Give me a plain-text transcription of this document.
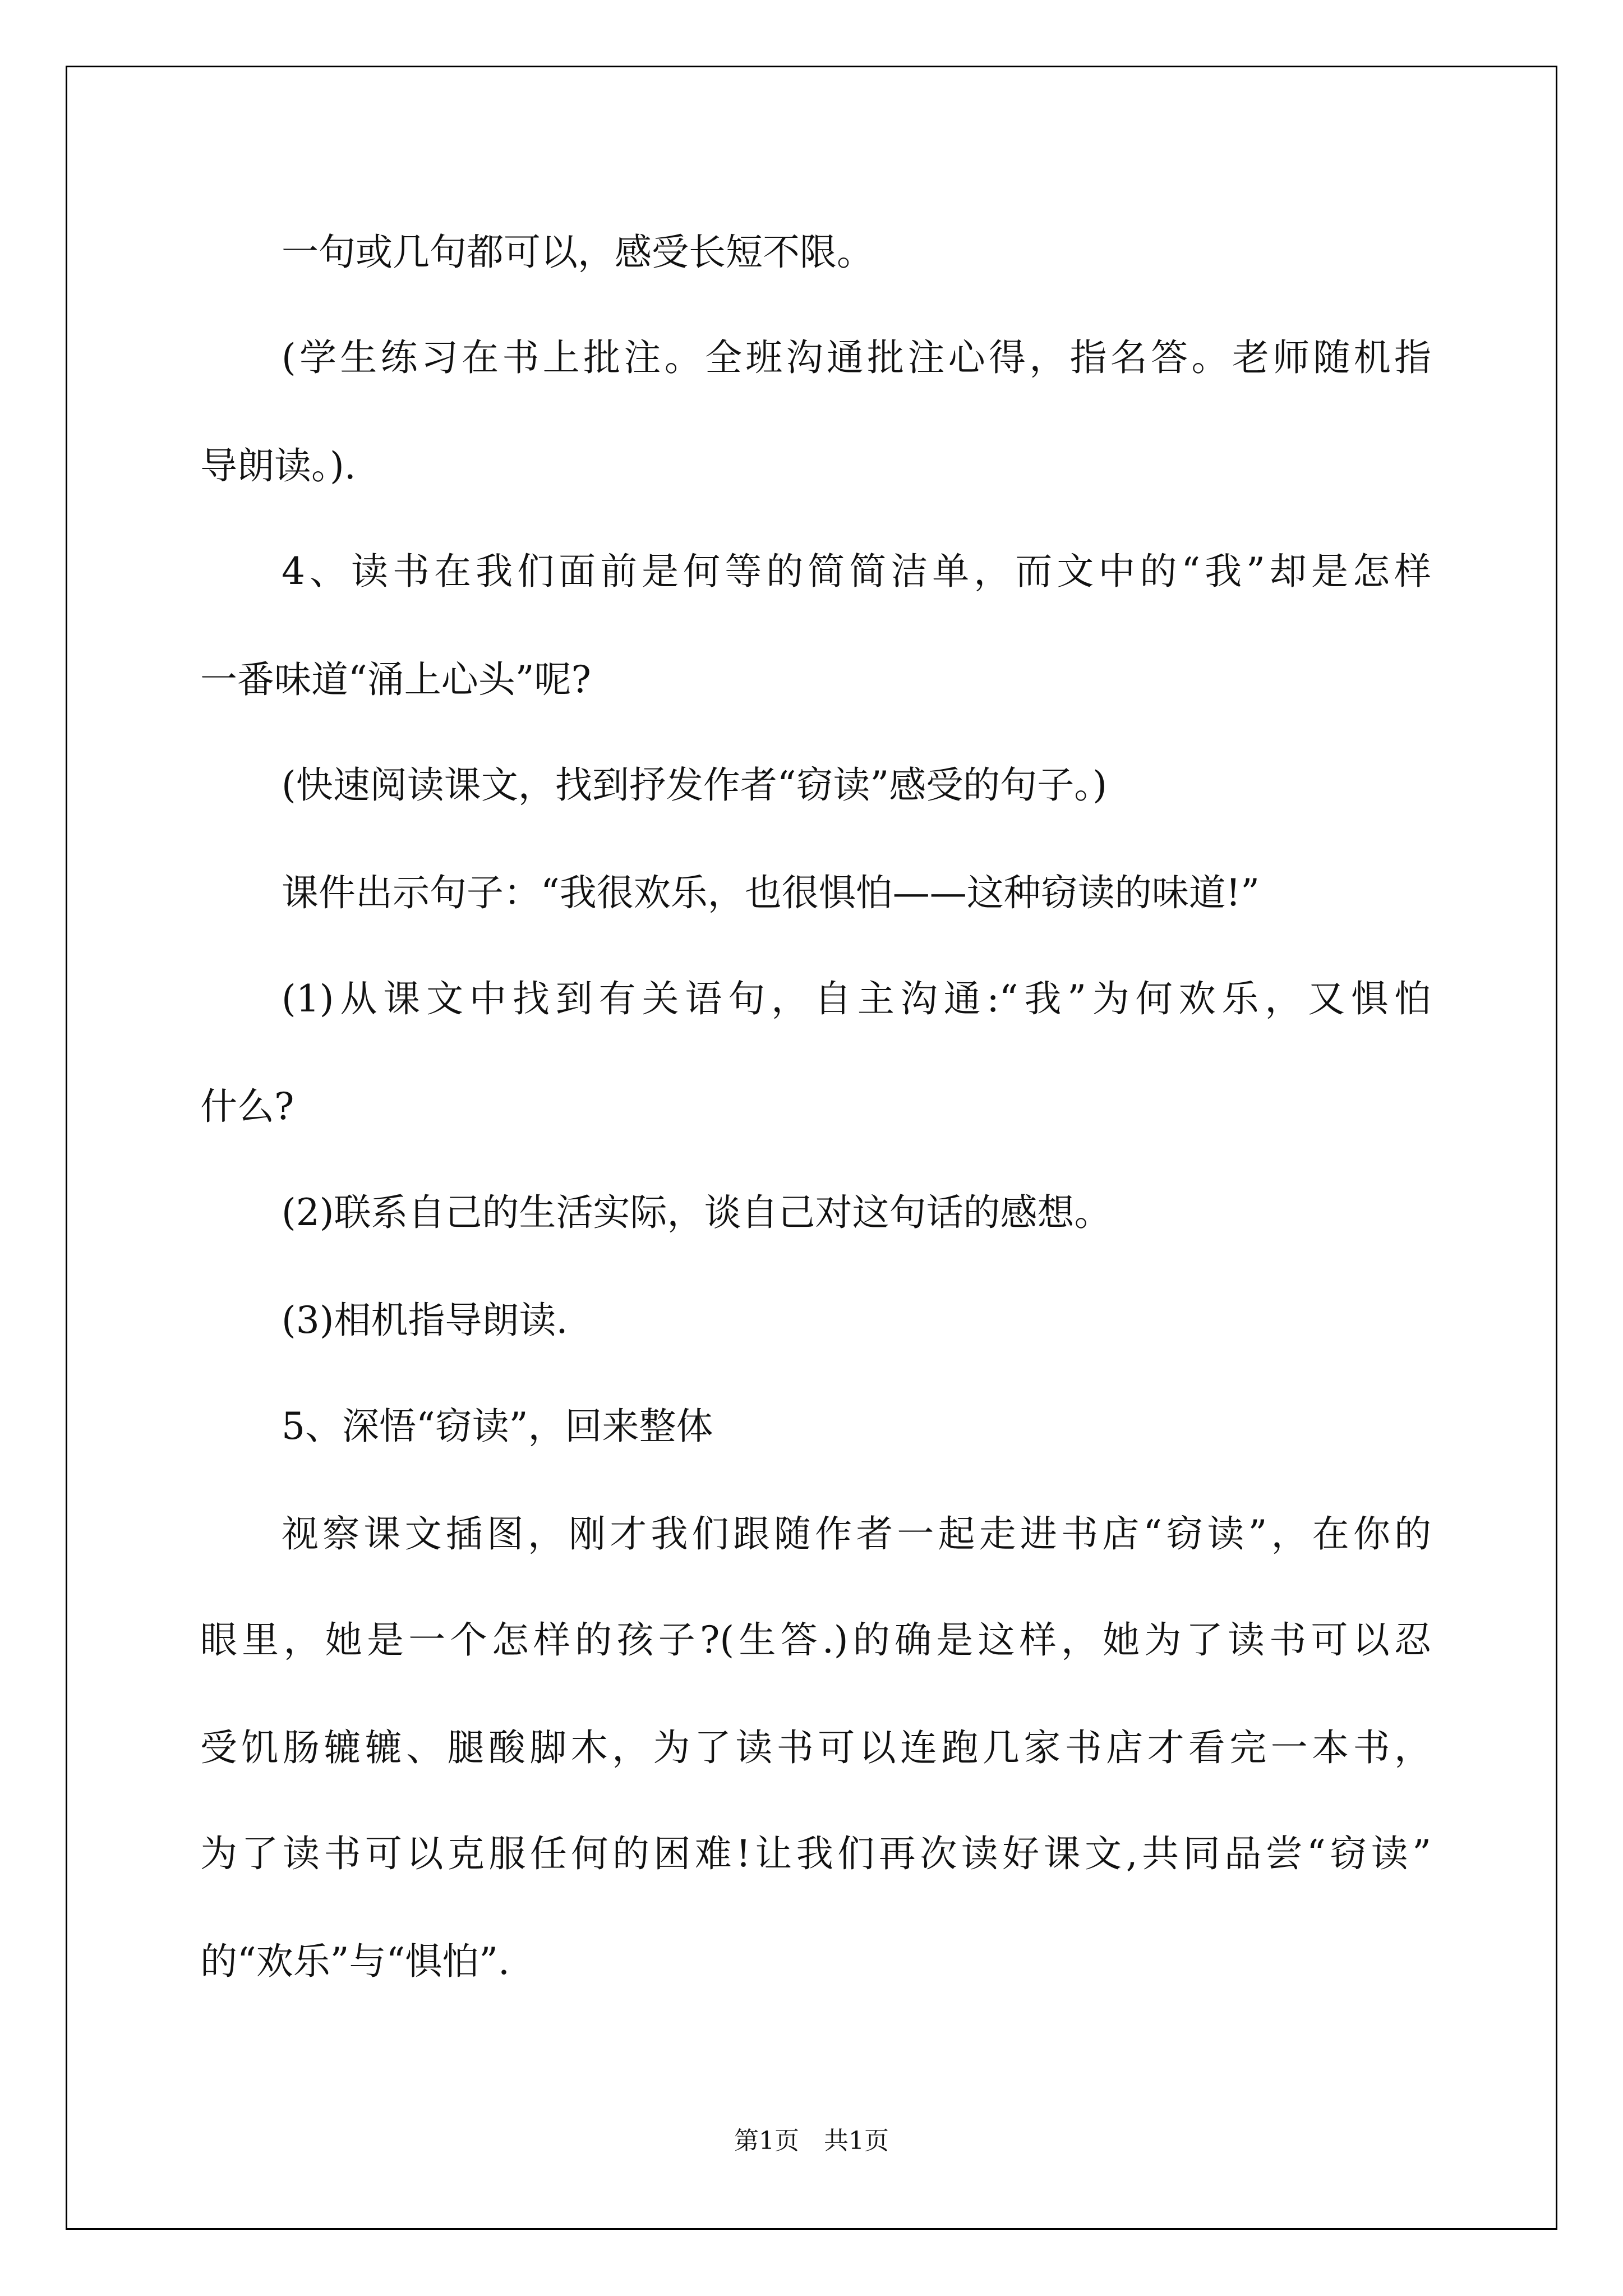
一句或几句都可以，感受长短不限。
(学生练习在书上批注。全班沟通批注心得，指名答。老师随机指
导朗读。).
4、读书在我们面前是何等的简简洁单，而文中的“我”却是怎样
一番味道“涌上心头”呢?
(快速阅读课文，找到抒发作者“窃读”感受的句子。)
课件出示句子：“我很欢乐，也很惧怕——这种窃读的味道!”
(1)从课文中找到有关语句，自主沟通:“我”为何欢乐，又惧怕
什么?
(2)联系自己的生活实际，谈自己对这句话的感想。
(3)相机指导朗读.
5、深悟“窃读”，回来整体
视察课文插图，刚才我们跟随作者一起走进书店“窃读”，在你的
眼里，她是一个怎样的孩子?(生答.)的确是这样，她为了读书可以忍
受饥肠辘辘、腿酸脚木，为了读书可以连跑几家书店才看完一本书，
为了读书可以克服任何的困难!让我们再次读好课文,共同品尝“窃读”
的“欢乐”与“惧怕”.
第1页　共1页
